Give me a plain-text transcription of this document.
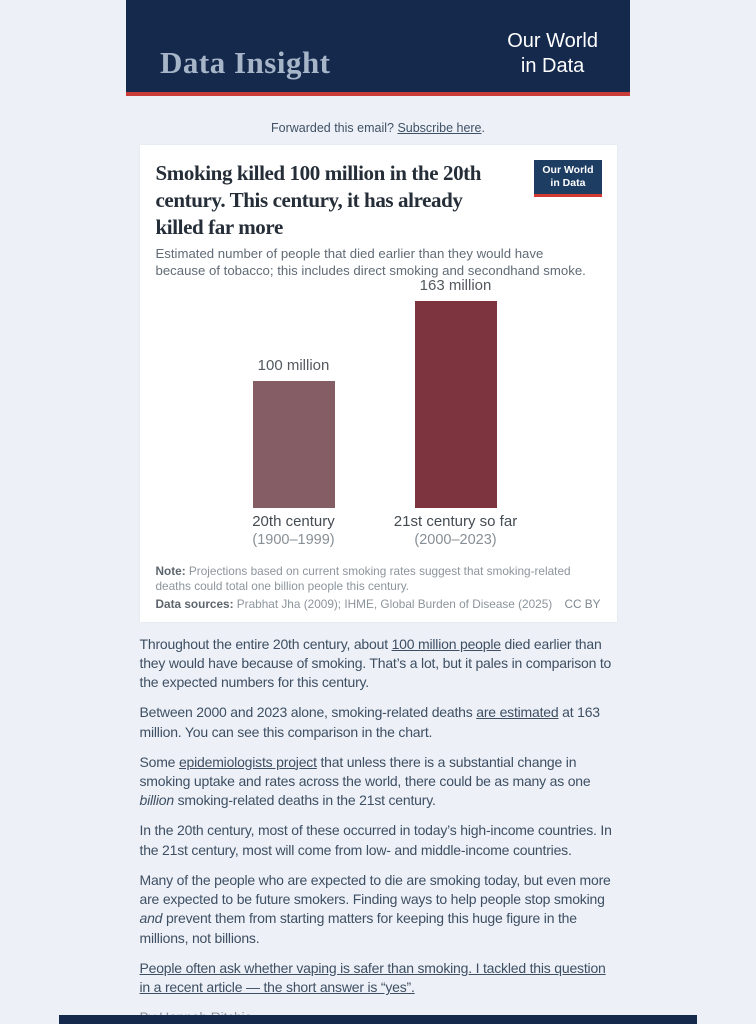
Data Insight
Our World
in Data
Forwarded this email? Subscribe here.
Our World
in Data
Smoking killed 100 million in the 20th
century. This century, it has already
killed far more
Estimated number of people that died earlier than they would have
because of tobacco; this includes direct smoking and secondhand smoke.
100 million
163 million
20th century
(1900–1999)
21st century so far
(2000–2023)
Note: Projections based on current smoking rates suggest that smoking-related deaths could total one billion people this century.
Data sources: Prabhat Jha (2009); IHME, Global Burden of Disease (2025) CC BY

Throughout the entire 20th century, about 100 million people died earlier than they would have because of smoking. That’s a lot, but it pales in comparison to the expected numbers for this century.

Between 2000 and 2023 alone, smoking-related deaths are estimated at 163 million. You can see this comparison in the chart.

Some epidemiologists project that unless there is a substantial change in smoking uptake and rates across the world, there could be as many as one billion smoking-related deaths in the 21st century.

In the 20th century, most of these occurred in today’s high-income countries. In the 21st century, most will come from low- and middle-income countries.

Many of the people who are expected to die are smoking today, but even more are expected to be future smokers. Finding ways to help people stop smoking and prevent them from starting matters for keeping this huge figure in the millions, not billions.

People often ask whether vaping is safer than smoking. I tackled this question in a recent article — the short answer is “yes”.
